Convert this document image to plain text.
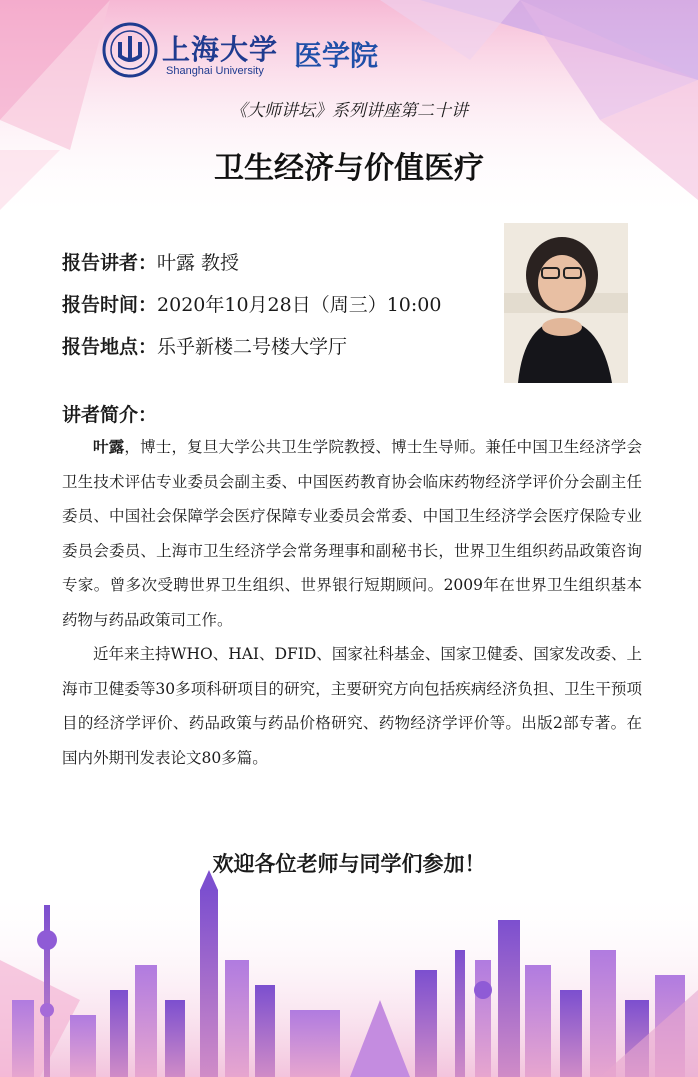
上海大学
Shanghai University 医学院
《大师讲坛》系列讲座第二十讲
卫生经济与价值医疗
报告讲者：叶露 教授
报告时间：2020年10月28日（周三）10:00
报告地点：乐乎新楼二号楼大学厅
讲者简介：

叶露，博士，复旦大学公共卫生学院教授、博士生导师。兼任中国卫生经济学会卫生技术评估专业委员会副主委、中国医药教育协会临床药物经济学评价分会副主任委员、中国社会保障学会医疗保障专业委员会常委、中国卫生经济学会医疗保险专业委员会委员、上海市卫生经济学会常务理事和副秘书长，世界卫生组织药品政策咨询专家。曾多次受聘世界卫生组织、世界银行短期顾问。2009年在世界卫生组织基本药物与药品政策司工作。

近年来主持WHO、HAI、DFID、国家社科基金、国家卫健委、国家发改委、上海市卫健委等30多项科研项目的研究，主要研究方向包括疾病经济负担、卫生干预项目的经济学评价、药品政策与药品价格研究、药物经济学评价等。出版2部专著。在国内外期刊发表论文80多篇。

欢迎各位老师与同学们参加！
